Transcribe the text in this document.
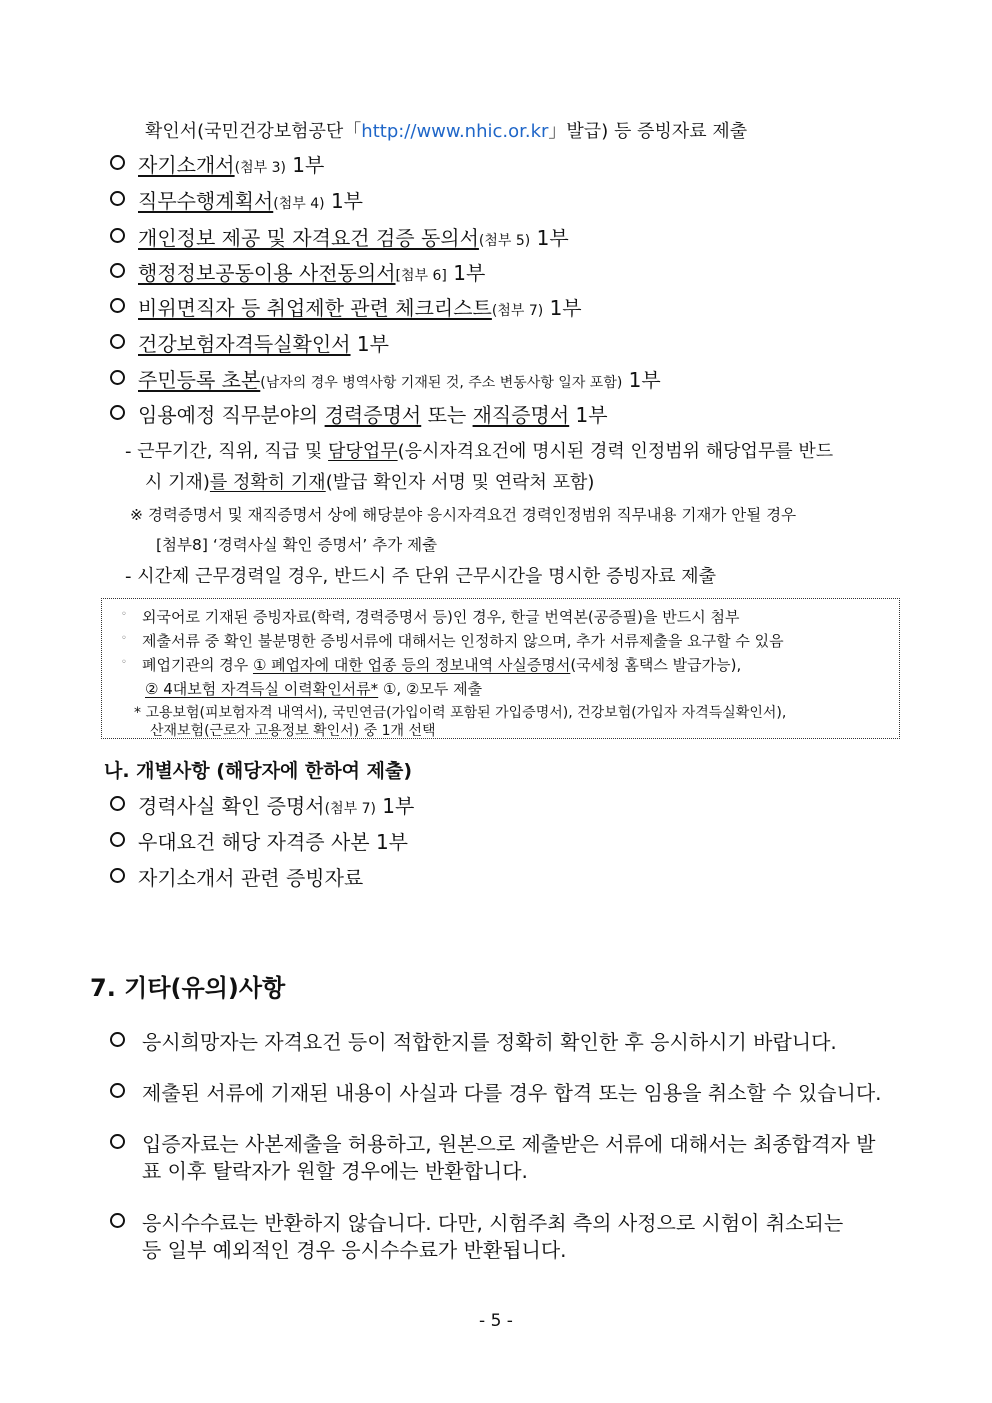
확인서(국민건강보험공단「http://www.nhic.or.kr」발급) 등 증빙자료 제출
자기소개서(첨부 3) 1부
직무수행계획서(첨부 4) 1부
개인정보 제공 및 자격요건 검증 동의서(첨부 5) 1부
행정정보공동이용 사전동의서[첨부 6] 1부
비위면직자 등 취업제한 관련 체크리스트(첨부 7) 1부
건강보험자격득실확인서 1부
주민등록 초본(남자의 경우 병역사항 기재된 것, 주소 변동사항 일자 포함) 1부
임용예정 직무분야의 경력증명서 또는 재직증명서 1부
- 근무기간, 직위, 직급 및 담당업무(응시자격요건에 명시된 경력 인정범위 해당업무를 반드
시 기재)를 정확히 기재(발급 확인자 서명 및 연락처 포함)
※ 경력증명서 및 재직증명서 상에 해당분야 응시자격요건 경력인정범위 직무내용 기재가 안될 경우
[첨부8] ‘경력사실 확인 증명서’ 추가 제출
- 시간제 근무경력일 경우, 반드시 주 단위 근무시간을 명시한 증빙자료 제출
◦ 외국어로 기재된 증빙자료(학력, 경력증명서 등)인 경우, 한글 번역본(공증필)을 반드시 첨부
◦ 제출서류 중 확인 불분명한 증빙서류에 대해서는 인정하지 않으며, 추가 서류제출을 요구할 수 있음
◦ 폐업기관의 경우 ① 폐업자에 대한 업종 등의 정보내역 사실증명서(국세청 홈택스 발급가능),
② 4대보험 자격득실 이력확인서류* ①, ②모두 제출
* 고용보험(피보험자격 내역서), 국민연금(가입이력 포함된 가입증명서), 건강보험(가입자 자격득실확인서),
산재보험(근로자 고용정보 확인서) 중 1개 선택
나. 개별사항 (해당자에 한하여 제출)
경력사실 확인 증명서(첨부 7) 1부
우대요건 해당 자격증 사본 1부
자기소개서 관련 증빙자료
7. 기타(유의)사항
응시희망자는 자격요건 등이 적합한지를 정확히 확인한 후 응시하시기 바랍니다.
제출된 서류에 기재된 내용이 사실과 다를 경우 합격 또는 임용을 취소할 수 있습니다.
입증자료는 사본제출을 허용하고, 원본으로 제출받은 서류에 대해서는 최종합격자 발
표 이후 탈락자가 원할 경우에는 반환합니다.
응시수수료는 반환하지 않습니다. 다만, 시험주최 측의 사정으로 시험이 취소되는
등 일부 예외적인 경우 응시수수료가 반환됩니다.
- 5 -
